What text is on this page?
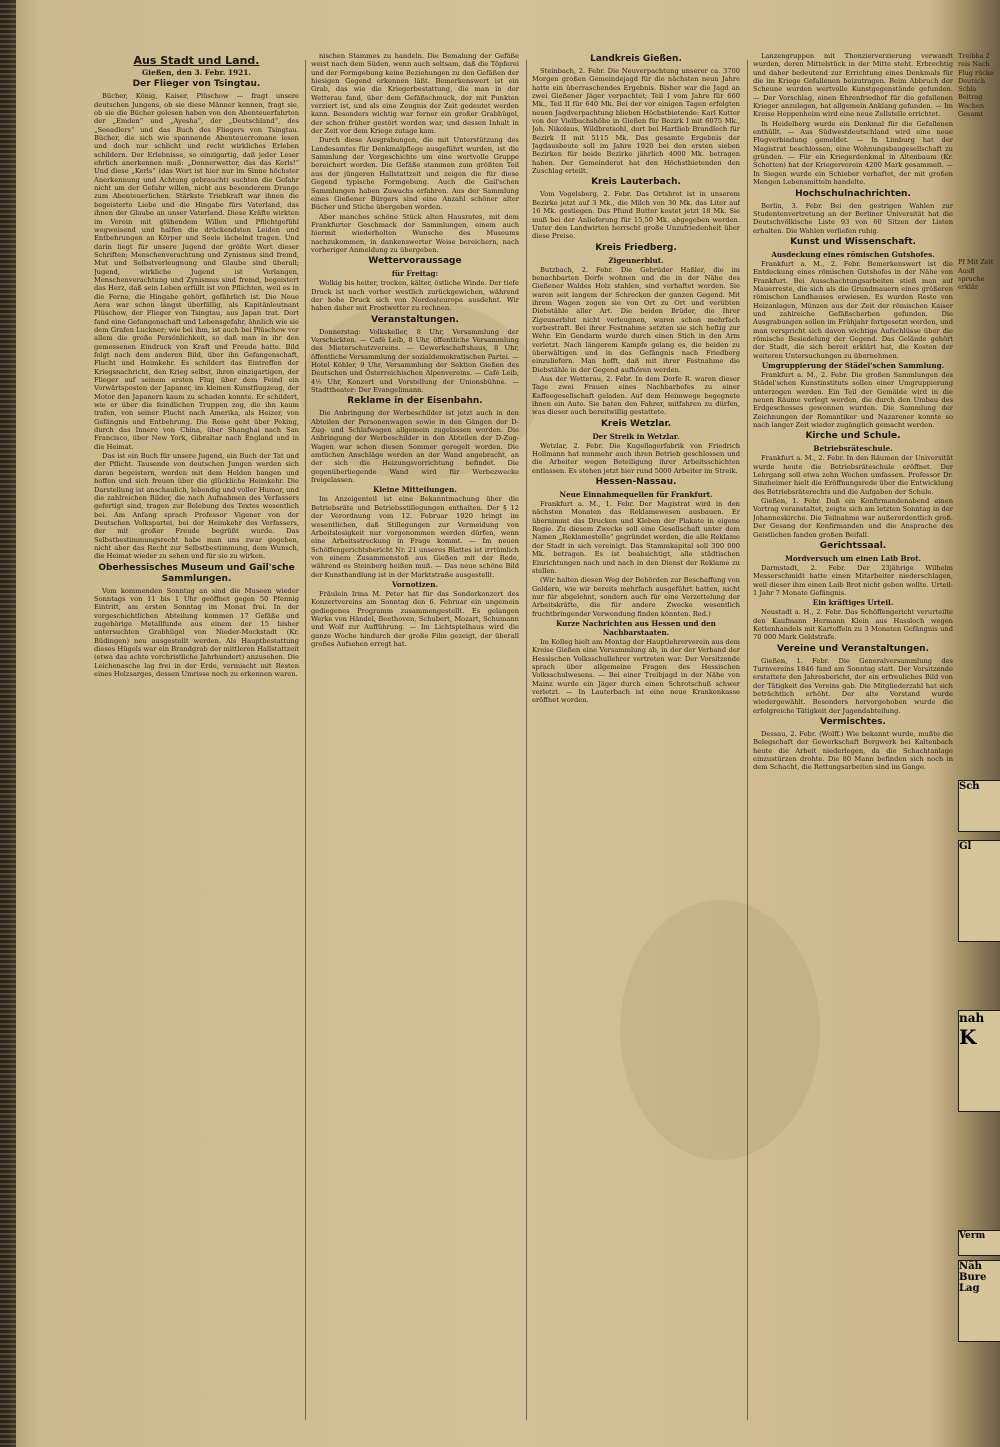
Aus Stadt und Land.
Gießen, den 3. Febr. 1921.
Der Flieger von Tsingtau.

Bücher, König, Kaiser, Plüschow — fragt unsere deutschen Jungens, ob sie diese Männer kennen, fragt sie, ob sie die Bücher gelesen haben von den Abenteuerfahrten der „Emden“ und „Ayesha“, der „Deutschland“, des „Seeadlers“ und das Buch des Fliegers von Tsingtau. Bücher, die sich wie spannende Abenteuerromane lesen und doch nur schlicht und recht wirkliches Erleben schildern. Der Erlebnisse, so einzigartig, daß jeder Leser ehrlich anerkennen muß: „Donnerwetter, das das Kerls!“ Und diese „Kerls“ (das Wort ist hier nur im Sinne höchster Anerkennung und Achtung gebraucht) suchten die Gefahr nicht um der Gefahr willen, nicht aus besonderem Drange zum Abenteuerlichen. Stärkste Triebkraft war ihnen die begeisterte Liebe und die Hingabe fürs Vaterland, das ihnen der Glaube an unser Vaterland. Diese Kräfte wirkten im Verein mit glühendem Willen und Pflichtgefühl wegweisend und halfen die drückendsten Leiden und Entbehrungen an Körper und Seele lächelnd tragen. Und darin liegt für unsere Jugend der größte Wert dieser Schriften; Menschenverachtung und Zynismus sind fremd, Mut und Selbstverleugnung und Glaube sind überall; Jugend, wirkliche Jugend ist Verlangen, Menschenverachtung und Zynismus sind fremd, begeistert das Herz, daß sein Leben erfüllt ist von Pflichten, weil es in die Ferne, die Hingabe gehört, gefährlich ist. Die Neue Aera war schon längst überfällig, als Kapitänleutnant Plüschow, der Flieger von Tsingtau, aus Japan trat. Dort fand eine Gefangenschaft und Lebensgefahr, ähnlich wie sie dem Grafen Luckner; wie bei ihm, ist auch bei Plüschow vor allem die große Persönlichkeit, so daß man in ihr den gemessenen Eindruck von Kraft und Freude hatte. Bild folgt nach dem anderen Bild, über ihn Gefangenschaft, Flucht und Heimkehr. Es schildert das Eintreffen der Kriegsnachricht, den Krieg selbst, ihren einzigartigen, der Flieger auf seinem ersten Flug über dem Feind ein Vorwärtsposten der Japaner, im kleinen Kunstflugzeug, der Motor den Japanern kaum zu schaden konnte. Er schildert, wie er über die feindlichen Truppen zog, die ihn kaum trafen, von seiner Flucht nach Amerika, als Heizer, von Gefängnis und Entbehrung. Die Reise geht über Peking, durch das Innere von China, über Shanghai nach San Francisco, über New York, Gibraltar nach England und in die Heimat.

Das ist ein Buch für unsere Jugend, ein Buch der Tat und der Pflicht. Tausende von deutschen Jungen werden sich daran begeistern, werden mit dem Helden bangen und hoffen und sich freuen über die glückliche Heimkehr. Die Darstellung ist anschaulich, lebendig und voller Humor, und die zahlreichen Bilder, die nach Aufnahmen des Verfassers gefertigt sind, tragen zur Belebung des Textes wesentlich bei. Am Anfang sprach Professor Vigener von der Deutschen Volkspartei, bei der Heimkehr des Verfassers, der mit großer Freude begrüßt wurde. Das Selbstbestimmungsrecht habe man uns zwar gegeben, nicht aber das Recht zur Selbstbestimmung, dem Wunsch, die Heimat wieder zu sehen und für sie zu wirken.

Oberhessisches Museum und Gail'sche Sammlungen.

Vom kommenden Sonntag an sind die Museen wieder Sonntags von 11 bis 1 Uhr geöffnet gegen 50 Pfennig Eintritt, am ersten Sonntag im Monat frei. In der vorgeschichtlichen Abteilung kommen 17 Gefäße und zugehörige Metallfunde aus einem der 15 bisher untersuchten Grabhügel von Nieder-Mockstadt (Kr. Büdingen) neu ausgestellt werden. Als Hauptbestattung dieses Hügels war ein Brandgrab der mittleren Hallstattzeit (etwa das achte vorchristliche Jahrhundert) anzusehen. Die Leichenasche lag frei in der Erde, vermischt mit Resten eines Holzsarges, dessen Umrisse noch zu erkennen waren.

nischen Stammes zu handeln. Die Bemalung der Gefäße weist nach dem Süden, wenn auch seltsam, daß die Töpferei und der Formgebung keine Beziehungen zu den Gefäßen der hiesigen Gegend erkennen läßt. Bemerkenswert ist ein Grab, das wie die Kriegerbestattung, die man in der Wetterau fand, über dem Gefäßschmuck, der mit Punkten verziert ist, und als eine Zeugnis der Zeit gedeutet werden kann. Besonders wichtig war ferner ein großer Grabhügel, der schon früher gestört worden war, und dessen Inhalt in der Zeit vor dem Kriege zutage kam.

Durch diese Ausgrabungen, die mit Unterstützung des Landesamtes für Denkmalpflege ausgeführt wurden, ist die Sammlung der Vorgeschichte um eine wertvolle Gruppe bereichert worden. Die Gefäße stammen zum größten Teil aus der jüngeren Hallstattzeit und zeigen die für diese Gegend typische Formgebung. Auch die Gail'schen Sammlungen haben Zuwachs erfahren. Aus der Sammlung eines Gießener Bürgers sind eine Anzahl schöner alter Bücher und Stiche übergeben worden.

Aber manches schöne Stück alten Hausrates, mit dem Frankfurter Geschmack der Sammlungen, einem auch hiermit wiederholten Wunsche des Museums nachzukommen, in dankenswerter Weise bereichern, nach vorheriger Anmeldung zu übergeben.

Wettervoraussage
für Freitag:

Wolkig bis heiter, trocken, kälter, östliche Winde. Der tiefe Druck ist nach vorher westlich zurückgewichen, während der hohe Druck sich von Nordosteuropa ausdehnt. Wir haben daher mit Frostwetter zu rechnen.

Veranstaltungen.

Donnerstag: Volkskeller, 8 Uhr, Versammlung der Verschickten. — Café Leib, 8 Uhr, öffentliche Versammlung des Mieterschutzvereins. — Gewerkschaftshaus, 8 Uhr, öffentliche Versammlung der sozialdemokratischen Partei. — Hotel Köhler, 9 Uhr, Versammlung der Sektion Gießen des Deutschen und Österreichischen Alpenvereins. — Café Leib, 4½ Uhr, Konzert und Vorstellung der Unionsbühne. — Stadttheater: Der Evangelimann.

Reklame in der Eisenbahn.

Die Anbringung der Werbeschilder ist jetzt auch in den Abteilen der Personenwagen sowie in den Gängen der D-Zug- und Schlafwagen allgemein zugelassen worden. Die Anbringung der Werbeschilder in den Abteilen der D-Zug-Wagen war schon diesen Sommer geregelt worden. Die amtlichen Anschläge werden an der Wand angebracht, an der sich die Heizungsvorrichtung befindet. Die gegenüberliegende Wand wird für Werbezwecke freigelassen.

Kleine Mitteilungen.

Im Anzeigenteil ist eine Bekanntmachung über die Betriebsräte und Betriebsstillegungen enthalten. Der § 12 der Verordnung vom 12. Februar 1920 bringt im wesentlichen, daß Stillegungen zur Vermeidung von Arbeitslosigkeit nur vorgenommen werden dürfen, wenn eine Arbeitsstreckung in Frage kommt. — Im neuen Schöffengerichtsbericht Nr. 21 unseres Blattes ist irrtümlich von einem Zusammenstoß aus Gießen mit der Rede, während es Steinberg heißen muß. — Das neue schöne Bild der Kunsthandlung ist in der Marktstraße ausgestellt.

Vornotizen.

Fräulein Irma M. Peter hat für das Sonderkonzert des Konzertvereins am Sonntag den 6. Februar ein ungemein gediegenes Programm zusammengestellt. Es gelangen Werke von Händel, Beethoven, Schubert, Mozart, Schumann und Wolf zur Aufführung. — Im Lichtspielhaus wird die ganze Woche hindurch der große Film gezeigt, der überall großes Aufsehen erregt hat.

Landkreis Gießen.

Steinbach, 2. Febr. Die Neuverpachtung unserer ca. 3700 Morgen großen Gemeindejagd für die nächsten neun Jahre hatte ein überraschendes Ergebnis. Bisher war die Jagd an zwei Gießener Jäger verpachtet; Teil I vom Jahre für 660 Mk., Teil II für 640 Mk. Bei der vor einigen Tagen erfolgten neuen Jagdverpachtung blieben Höchstbietende: Karl Kutter von der Vielbachshöhe in Gießen für Bezirk I mit 6075 Mk., Joh. Nikolaus, Wildbretsohl, dort bei Hartlieb Brandlech für Bezirk II mit 5115 Mk. Das gesamte Ergebnis der Jagdausbeute soll im Jahre 1920 bei den ersten sieben Bezirken für beide Bezirke jährlich 4000 Mk. betragen haben. Der Gemeinderat hat den Höchstbietenden den Zuschlag erteilt.

Kreis Lauterbach.

Vom Vogelsberg, 2. Febr. Das Ortsbrot ist in unserem Bezirke jetzt auf 3 Mk., die Milch von 30 Mk. das Liter auf 16 Mk. gestiegen. Das Pfund Butter kostet jetzt 18 Mk. Sie muß bei der Anlieferung für 15,50 Mk. abgegeben werden. Unter den Landwirten herrscht große Unzufriedenheit über diese Preise.

Kreis Friedberg.
Zigeunerblut.

Butzbach, 2. Febr. Die Gebrüder Haßler, die im benachbarten Dorfe wohnen und die in der Nähe des Gießener Waldes Holz stahlen, sind verhaftet worden. Sie waren seit langem der Schrecken der ganzen Gegend. Mit ihrem Wagen zogen sie von Ort zu Ort und verübten Diebstähle aller Art. Die beiden Brüder, die Ihrer Zigeunerblut nicht verleugnen, waren schon mehrfach vorbestraft. Bei ihrer Festnahme setzten sie sich heftig zur Wehr. Ein Gendarm wurde durch einen Stich in den Arm verletzt. Nach längerem Kampfe gelang es, die beiden zu überwältigen und in das Gefängnis nach Friedberg einzuliefern. Man hofft, daß mit ihrer Festnahme die Diebstähle in der Gegend aufhören werden.

Aus der Wetterau, 2. Febr. In dem Dorfe R. waren dieser Tage zwei Frauen eines Nachbarhofes zu einer Kaffeegesellschaft geladen. Auf dem Heimwege begegnete ihnen ein Auto. Sie baten den Fahrer, mitfahren zu dürfen, was dieser auch bereitwillig gestattete.

Kreis Wetzlar.
Der Streik in Wetzlar.

Wetzlar, 2. Febr. Die Kugellagerfabrik von Friedrich Hollmann hat nunmehr auch ihren Betrieb geschlossen und die Arbeiter wegen Beteiligung ihrer Arbeitsschichten entlassen. Es stehen jetzt hier rund 5000 Arbeiter im Streik.

Hessen-Nassau.
Neue Einnahmequellen für Frankfurt.

Frankfurt a. M., 1. Febr. Der Magistrat wird in den nächsten Monaten das Reklamewesen ausbauen. Er übernimmt das Drucken und Kleben der Plakate in eigene Regie. Zu diesem Zwecke soll eine Gesellschaft unter dem Namen „Reklamestelle“ gegründet werden, die alle Reklame der Stadt in sich vereinigt. Das Stammkapital soll 300 000 Mk. betragen. Es ist beabsichtigt, alle städtischen Einrichtungen nach und nach in den Dienst der Reklame zu stellen.

(Wir halten diesen Weg der Behörden zur Beschaffung von Geldern, wie wir bereits mehrfach ausgeführt hatten, nicht nur für abgelehnt, sondern auch für eine Verzettelung der Arbeitskräfte, die für andere Zwecke wesentlich fruchtbringender Verwendung finden könnten. Red.)

Kurze Nachrichten aus Hessen und den Nachbarstaaten.

Im Kolleg hielt am Montag der Hauptlehrerverein aus dem Kreise Gießen eine Versammlung ab, in der der Verband der Hessischen Volksschullehrer vertreten war. Der Vorsitzende sprach über allgemeine Fragen des Hessischen Volksschulwesens. — Bei einer Treibjagd in der Nähe von Mainz wurde ein Jäger durch einen Schrotschuß schwer verletzt. — In Lauterbach ist eine neue Krankenkasse eröffnet worden.

Lanzengruppen mit Thonzierverzierung verwandt wurden, deren Mittelstück in der Mitte steht. Erbrechtig und daher bedeutend zur Errichtung eines Denkmals für die im Kriege Gefallenen beizutragen. Beim Abbruch der Scheune wurden wertvolle Kunstgegenstände gefunden. — Der Vorschlag, einen Ehrenfriedhof für die gefallenen Krieger anzulegen, hat allgemein Anklang gefunden. — Im Kreise Heppenheim wird eine neue Zollstelle errichtet.

In Heidelberg wurde ein Denkmal für die Gefallenen enthüllt. — Aus Südwestdeutschland wird eine neue Flugverbindung gemeldet. — In Limburg hat der Magistrat beschlossen, eine Wohnungsbaugesellschaft zu gründen. — Für ein Kriegerdenkmal in Altenbaum (Kr. Schotten) hat der Kriegerverein 4200 Mark gesammelt. — In Siegen wurde ein Schieber verhaftet, der mit großen Mengen Lebensmitteln handelte.

Hochschulnachrichten.

Berlin, 3. Febr. Bei den gestrigen Wahlen zur Studentenvertretung an der Berliner Universität hat die Deutschvölkische Liste 93 von 60 Sitzen der Listen erhalten. Die Wahlen verliefen ruhig.

Kunst und Wissenschaft.
Ausdeckung eines römischen Gutshofes.

Frankfurt a. M., 2. Febr. Bemerkenswert ist die Entdeckung eines römischen Gutshofes in der Nähe von Frankfurt. Bei Ausschachtungsarbeiten stieß man auf Mauerreste, die sich als die Grundmauern eines größeren römischen Landhauses erwiesen. Es wurden Reste von Heizanlagen, Münzen aus der Zeit der römischen Kaiser und zahlreiche Gefäßscherben gefunden. Die Ausgrabungen sollen im Frühjahr fortgesetzt werden, und man verspricht sich davon wichtige Aufschlüsse über die römische Besiedelung der Gegend. Das Gelände gehört der Stadt, die sich bereit erklärt hat, die Kosten der weiteren Untersuchungen zu übernehmen.

Umgruppierung der Städel'schen Sammlung.

Frankfurt a. M., 2. Febr. Die großen Sammlungen des Städel'schen Kunstinstituts sollen einer Umgruppierung unterzogen werden. Ein Teil der Gemälde wird in die neuen Räume verlegt werden, die durch den Umbau des Erdgeschosses gewonnen wurden. Die Sammlung der Zeichnungen der Romantiker und Nazarener konnte so nach langer Zeit wieder zugänglich gemacht werden.

Kirche und Schule.
Betriebsräteschule.

Frankfurt a. M., 2. Febr. In den Räumen der Universität wurde heute die Betriebsräteschule eröffnet. Der Lehrgang soll etwa zehn Wochen umfassen. Professor Dr. Sinzheimer hielt die Eröffnungsrede über die Entwicklung des Betriebsräterechts und die Aufgaben der Schule.

Gießen, 1. Febr. Daß ein Konfirmandenabend einen Vortrag veranstaltet, zeigte sich am letzten Sonntag in der Johanneskirche. Die Teilnahme war außerordentlich groß. Der Gesang der Konfirmanden und die Ansprache des Geistlichen fanden großen Beifall.

Gerichtssaal.
Mordversuch um einen Laib Brot.

Darmstadt, 2. Febr. Der 23jährige Wilhelm Messerschmidt hatte einen Mitarbeiter niederschlagen, weil dieser ihm einen Laib Brot nicht geben wollte. Urteil: 1 Jahr 7 Monate Gefängnis.

Ein kräftiges Urteil.

Neustadt a. H., 2. Febr. Das Schöffengericht verurteilte den Kaufmann Hermann Klein aus Hassloch wegen Kettenhandels mit Kartoffeln zu 3 Monaten Gefängnis und 70 000 Mark Geldstrafe.

Vereine und Veranstaltungen.

Gießen, 1. Febr. Die Generalversammlung des Turnvereins 1846 fand am Sonntag statt. Der Vorsitzende erstattete den Jahresbericht, der ein erfreuliches Bild von der Tätigkeit des Vereins gab. Die Mitgliederzahl hat sich beträchtlich erhöht. Der alte Vorstand wurde wiedergewählt. Besonders hervorgehoben wurde die erfolgreiche Tätigkeit der Jugendabteilung.

Vermischtes.

Dessau, 2. Febr. (Wolff.) Wie bekannt wurde, mußte die Belegschaft der Gewerkschaft Bergwerk bei Kaltenbach heute die Arbeit niederlegen, da die Schachtanlage einzustürzen drohte. Die 80 Mann befinden sich noch in dem Schacht, die Rettungsarbeiten sind im Gange.

Treibha 2 reis Nach Flug rücke Deutsch Schla Beitrag Wochen Gesamt

Pf Mit Zeit Ausfl spruche erklär

Sch
Gl
nah
K
Verm
Näh Bure Lag
